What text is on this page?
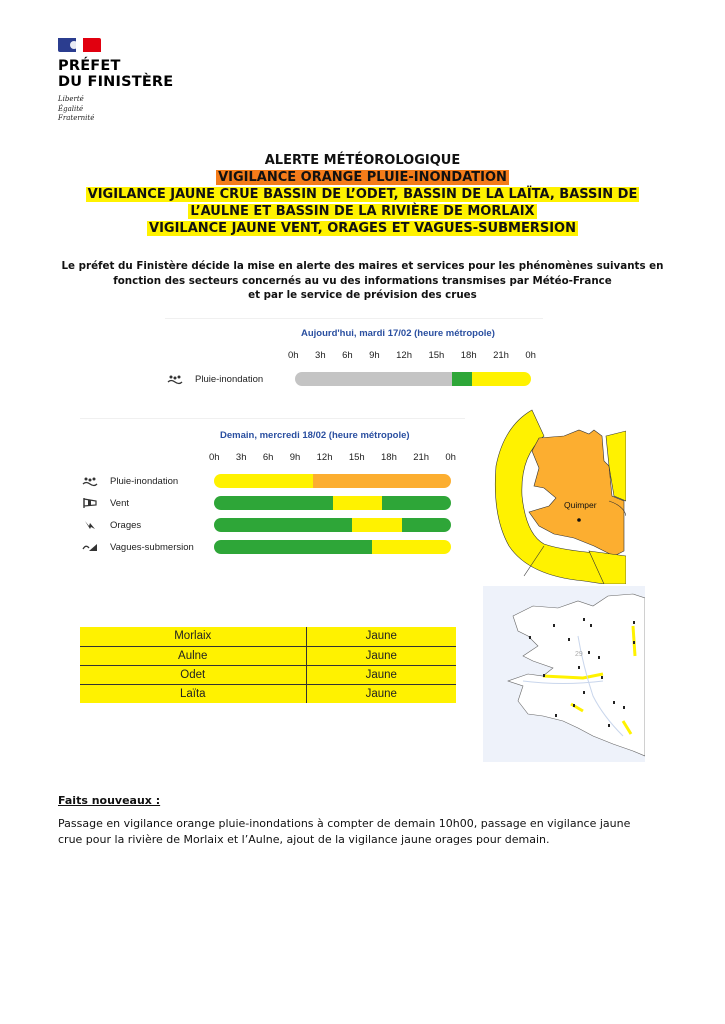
PRÉFET
DU FINISTÈRE
Liberté
Égalité
Fraternité
ALERTE MÉTÉOROLOGIQUE
VIGILANCE ORANGE PLUIE-INONDATION
VIGILANCE JAUNE CRUE BASSIN DE L’ODET, BASSIN DE LA LAÏTA, BASSIN DE
L’AULNE ET BASSIN DE LA RIVIÈRE DE MORLAIX
VIGILANCE JAUNE VENT, ORAGES ET VAGUES-SUBMERSION
Le préfet du Finistère décide la mise en alerte des maires et services pour les phénomènes suivants en
fonction des secteurs concernés au vu des informations transmises par Météo-France
et par le service de prévision des crues
Aujourd'hui, mardi 17/02 (heure métropole)
0h 3h 6h 9h 12h 15h 18h 21h 0h
Pluie-inondation
Demain, mercredi 18/02 (heure métropole)
0h 3h 6h 9h 12h 15h 18h 21h 0h
Pluie-inondation
Vent
Orages
Vagues-submersion
Quimper
29
Morlaix	Jaune
Aulne	Jaune
Odet	Jaune
Laïta	Jaune
Faits nouveaux :
Passage en vigilance orange pluie-inondations à compter de demain 10h00, passage en vigilance jaune
crue pour la rivière de Morlaix et l’Aulne, ajout de la vigilance jaune orages pour demain.
